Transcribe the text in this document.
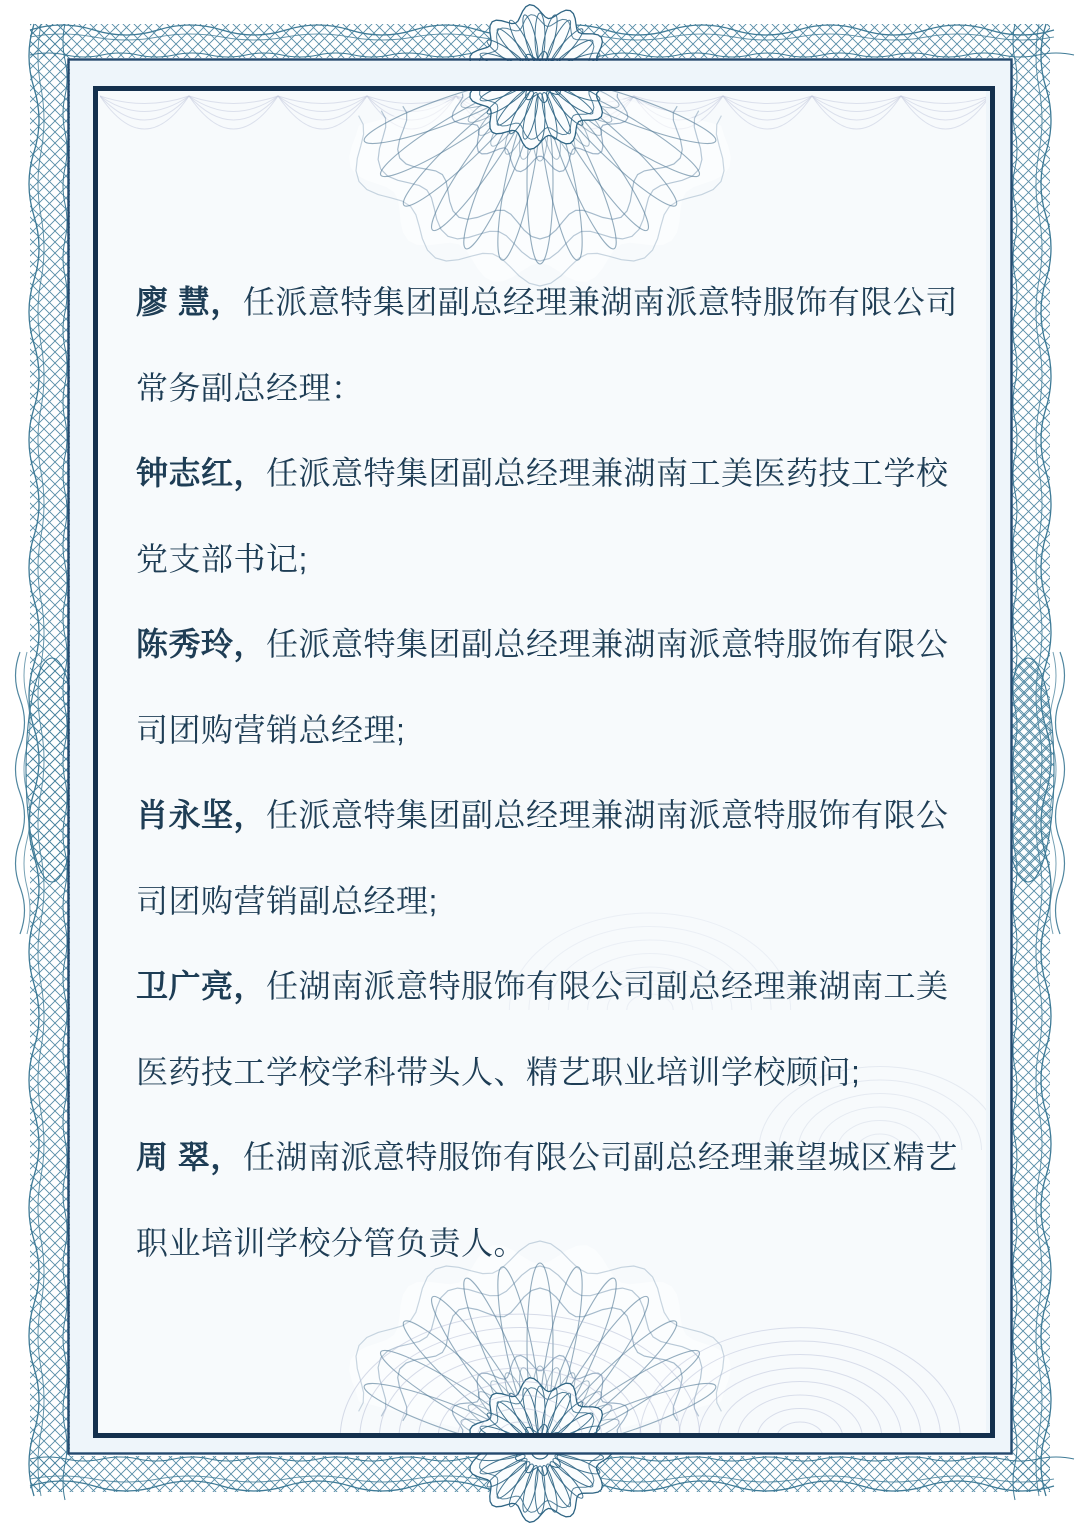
廖 慧，任派意特集团副总经理兼湖南派意特服饰有限公司
常务副总经理：

钟志红，任派意特集团副总经理兼湖南工美医药技工学校
党支部书记;

陈秀玲，任派意特集团副总经理兼湖南派意特服饰有限公
司团购营销总经理;

肖永坚，任派意特集团副总经理兼湖南派意特服饰有限公
司团购营销副总经理;

卫广亮，任湖南派意特服饰有限公司副总经理兼湖南工美
医药技工学校学科带头人、精艺职业培训学校顾问;

周 翠，任湖南派意特服饰有限公司副总经理兼望城区精艺
职业培训学校分管负责人。
